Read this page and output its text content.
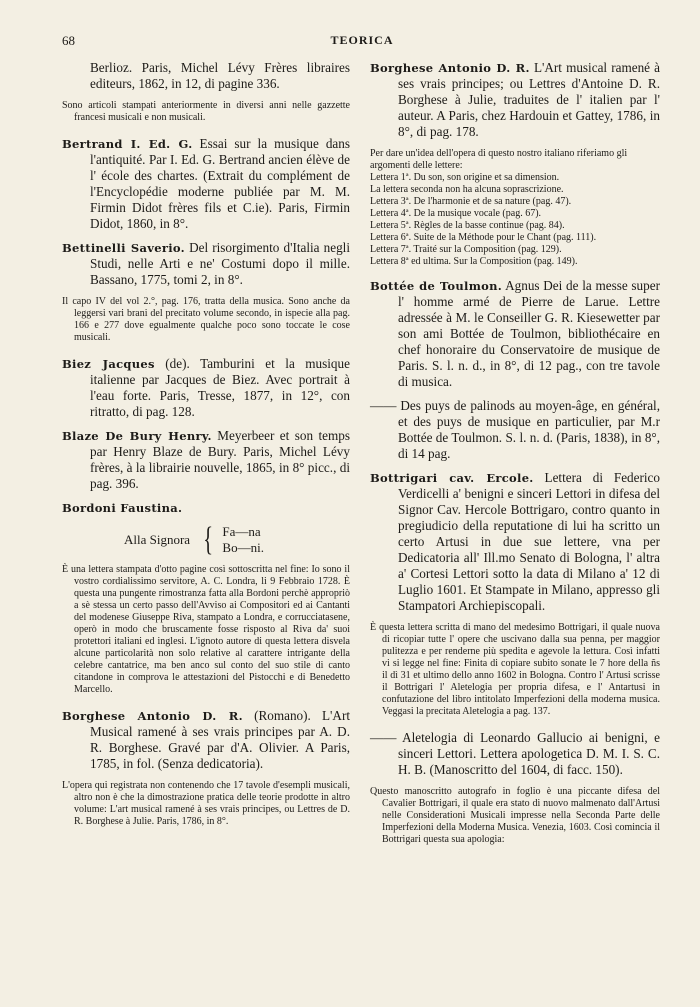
68	TEORICA

Berlioz. Paris, Michel Lévy Frères libraires editeurs, 1862, in 12, di pagine 336.

Sono articoli stampati anteriormente in diversi anni nelle gazzette francesi musicali e non musicali.

Bertrand I. Ed. G. Essai sur la musique dans l'antiquité. Par I. Ed. G. Bertrand ancien élève de l' école des chartes. (Extrait du complément de l'Encyclopédie moderne publiée par M. M. Firmin Didot frères fils et C.ie). Paris, Firmin Didot, 1860, in 8°.

Bettinelli Saverio. Del risorgimento d'Italia negli Studi, nelle Arti e ne' Costumi dopo il mille. Bassano, 1775, tomi 2, in 8°.

Il capo IV del vol 2.°, pag. 176, tratta della musica. Sono anche da leggersi vari brani del precitato volume secondo, in ispecie alla pag. 166 e 277 dove egualmente qualche poco sono toccate le cose musicali.

Biez Jacques (de). Tamburini et la musique italienne par Jacques de Biez. Avec portrait à l'eau forte. Paris, Tresse, 1877, in 12°, con ritratto, di pag. 128.

Blaze De Bury Henry. Meyerbeer et son temps par Henry Blaze de Bury. Paris, Michel Lévy frères, à la librairie nouvelle, 1865, in 8° picc., di pag. 396.

Bordoni Faustina.

Alla Signora { Fa—na
Bo—ni.

È una lettera stampata d'otto pagine così sottoscritta nel fine: Io sono il vostro cordialissimo servitore, A. C. Londra, li 9 Febbraio 1728. È questa una pungente rimostranza fatta alla Bordoni perchè appropriò a sè stessa un certo passo dell'Avviso ai Compositori ed ai Cantanti del modenese Giuseppe Riva, stampato a Londra, e corrucciatasene, operò in modo che bruscamente fosse risposto al Riva da' suoi protettori italiani ed inglesi. L'ignoto autore di questa lettera disvela alcune particolarità non solo relative al carattere intrigante della celebre cantatrice, ma ben anco sul conto del suo stile di canto citandone in comprova le attestazioni del Pistocchi e di Benedetto Marcello.

Borghese Antonio D. R. (Romano). L'Art Musical ramené à ses vrais principes par A. D. R. Borghese. Gravé par d'A. Olivier. A Paris, 1785, in fol. (Senza dedicatoria).

L'opera qui registrata non contenendo che 17 tavole d'esempli musicali, altro non è che la dimostrazione pratica delle teorie prodotte in altro volume: L'art musical ramené à ses vrais principes, ou Lettres de D. R. Borghese à Julie. Paris, 1786, in 8°.

Borghese Antonio D. R. L'Art musical ramené à ses vrais principes; ou Lettres d'Antoine D. R. Borghese à Julie, traduites de l' italien par l' auteur. A Paris, chez Hardouin et Gattey, 1786, in 8°, di pag. 178.

Per dare un'idea dell'opera di questo nostro italiano riferiamo gli argomenti delle lettere:
Lettera 1ª. Du son, son origine et sa dimension.
La lettera seconda non ha alcuna soprascrizione.
Lettera 3ª. De l'harmonie et de sa nature (pag. 47).
Lettera 4ª. De la musique vocale (pag. 67).
Lettera 5ª. Règles de la basse continue (pag. 84).
Lettera 6ª. Suite de la Méthode pour le Chant (pag. 111).
Lettera 7ª. Traité sur la Composition (pag. 129).
Lettera 8ª ed ultima. Sur la Composition (pag. 149).

Bottée de Toulmon. Agnus Dei de la messe super l' homme armé de Pierre de Larue. Lettre adressée à M. le Conseiller G. R. Kiesewetter par son ami Bottée de Toulmon, bibliothécaire en chef honoraire du Conservatoire de musique de Paris. S. l. n. d., in 8°, di 12 pag., con tre tavole di musica.

—— Des puys de palinods au moyen-âge, en général, et des puys de musique en particulier, par M.r Bottée de Toulmon. S. l. n. d. (Paris, 1838), in 8°, di 14 pag.

Bottrigari cav. Ercole. Lettera di Federico Verdicelli a' benigni e sinceri Lettori in difesa del Signor Cav. Hercole Bottrigaro, contro quanto in pregiudicio della reputatione di lui ha scritto un certo Artusi in due sue lettere, vna per Dedicatoria all' Ill.mo Senato di Bologna, l' altra a' Cortesi Lettori sotto la data di Milano a' 12 di Luglio 1601. Et Stampate in Milano, appresso gli Stampatori Archiepiscopali.

È questa lettera scritta di mano del medesimo Bottrigari, il quale nuova di ricopiar tutte l' opere che uscivano dalla sua penna, per maggior pulitezza e per renderne più spedita e agevole la lettura. Così infatti vi si legge nel fine: Finita di copiare subito sonate le 7 hore della ñs il dì 31 et ultimo dello anno 1602 in Bologna. Contro l' Artusi scrisse il Bottrigari l' Aletelogia per propria difesa, e l' Antartusi in confutazione del libro intitolato Imperfezioni della moderna musica. Veggasi la precitata Aletelogia a pag. 137.

—— Aletelogia di Leonardo Gallucio ai benigni, e sinceri Lettori. Lettera apologetica D. M. I. S. C. H. B. (Manoscritto del 1604, di facc. 150).

Questo manoscritto autografo in foglio è una piccante difesa del Cavalier Bottrigari, il quale era stato di nuovo malmenato dall'Artusi nelle Considerationi Musicali impresse nella Seconda Parte delle Imperfezioni della Moderna Musica. Venezia, 1603. Così comincia il Bottrigari questa sua apologia:
